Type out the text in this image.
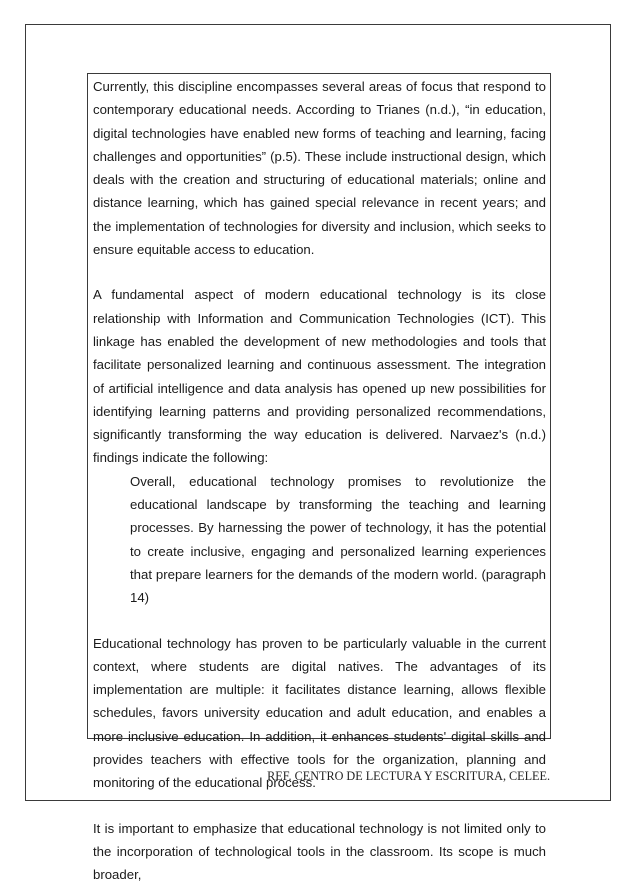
Currently, this discipline encompasses several areas of focus that respond to contemporary educational needs. According to Trianes (n.d.), “in education, digital technologies have enabled new forms of teaching and learning, facing challenges and opportunities” (p.5). These include instructional design, which deals with the creation and structuring of educational materials; online and distance learning, which has gained special relevance in recent years; and the implementation of technologies for diversity and inclusion, which seeks to ensure equitable access to education.

A fundamental aspect of modern educational technology is its close relationship with Information and Communication Technologies (ICT). This linkage has enabled the development of new methodologies and tools that facilitate personalized learning and continuous assessment. The integration of artificial intelligence and data analysis has opened up new possibilities for identifying learning patterns and providing personalized recommendations, significantly transforming the way education is delivered. Narvaez's (n.d.) findings indicate the following:

Overall, educational technology promises to revolutionize the educational landscape by transforming the teaching and learning processes. By harnessing the power of technology, it has the potential to create inclusive, engaging and personalized learning experiences that prepare learners for the demands of the modern world. (paragraph 14)

Educational technology has proven to be particularly valuable in the current context, where students are digital natives. The advantages of its implementation are multiple: it facilitates distance learning, allows flexible schedules, favors university education and adult education, and enables a more inclusive education. In addition, it enhances students' digital skills and provides teachers with effective tools for the organization, planning and monitoring of the educational process.

It is important to emphasize that educational technology is not limited only to the incorporation of technological tools in the classroom. Its scope is much broader,

REF. CENTRO DE LECTURA Y ESCRITURA, CELEE.
